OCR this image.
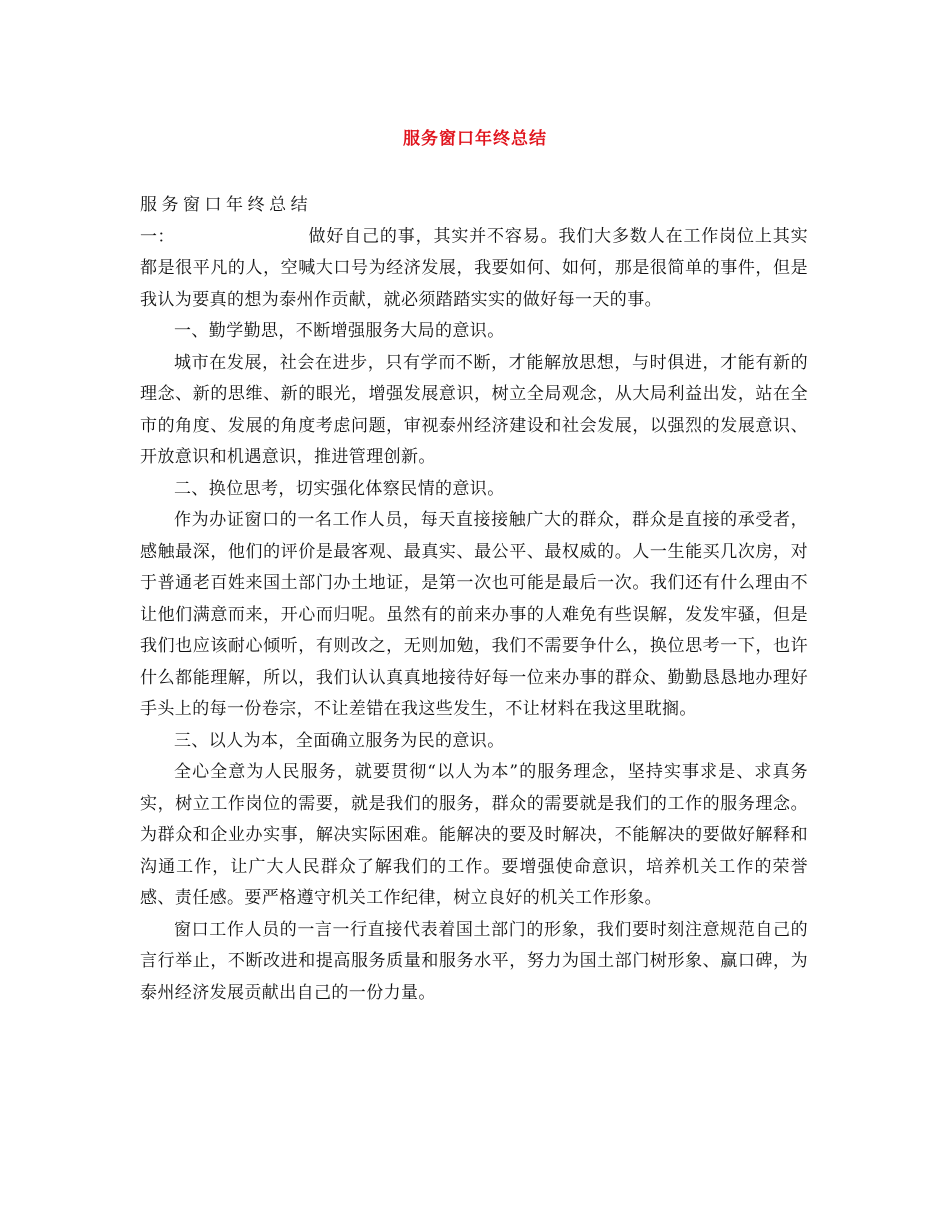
服务窗口年终总结

服务窗口年终总结一：	做好自己的事，其实并不容易。我们大多数人在工作岗位上其实都是很平凡的人，空喊大口号为经济发展，我要如何、如何，那是很简单的事件，但是我认为要真的想为泰州作贡献，就必须踏踏实实的做好每一天的事。

一、勤学勤思，不断增强服务大局的意识。

城市在发展，社会在进步，只有学而不断，才能解放思想，与时俱进，才能有新的理念、新的思维、新的眼光，增强发展意识，树立全局观念，从大局利益出发，站在全市的角度、发展的角度考虑问题，审视泰州经济建设和社会发展，以强烈的发展意识、开放意识和机遇意识，推进管理创新。

二、换位思考，切实强化体察民情的意识。

作为办证窗口的一名工作人员，每天直接接触广大的群众，群众是直接的承受者，感触最深，他们的评价是最客观、最真实、最公平、最权威的。人一生能买几次房，对于普通老百姓来国土部门办土地证，是第一次也可能是最后一次。我们还有什么理由不让他们满意而来，开心而归呢。虽然有的前来办事的人难免有些误解，发发牢骚，但是我们也应该耐心倾听，有则改之，无则加勉，我们不需要争什么，换位思考一下，也许什么都能理解，所以，我们认认真真地接待好每一位来办事的群众、勤勤恳恳地办理好手头上的每一份卷宗，不让差错在我这些发生，不让材料在我这里耽搁。

三、以人为本，全面确立服务为民的意识。

全心全意为人民服务，就要贯彻“以人为本”的服务理念，坚持实事求是、求真务实，树立工作岗位的需要，就是我们的服务，群众的需要就是我们的工作的服务理念。为群众和企业办实事，解决实际困难。能解决的要及时解决，不能解决的要做好解释和沟通工作，让广大人民群众了解我们的工作。要增强使命意识，培养机关工作的荣誉感、责任感。要严格遵守机关工作纪律，树立良好的机关工作形象。

窗口工作人员的一言一行直接代表着国土部门的形象，我们要时刻注意规范自己的言行举止，不断改进和提高服务质量和服务水平，努力为国土部门树形象、赢口碑，为泰州经济发展贡献出自己的一份力量。
